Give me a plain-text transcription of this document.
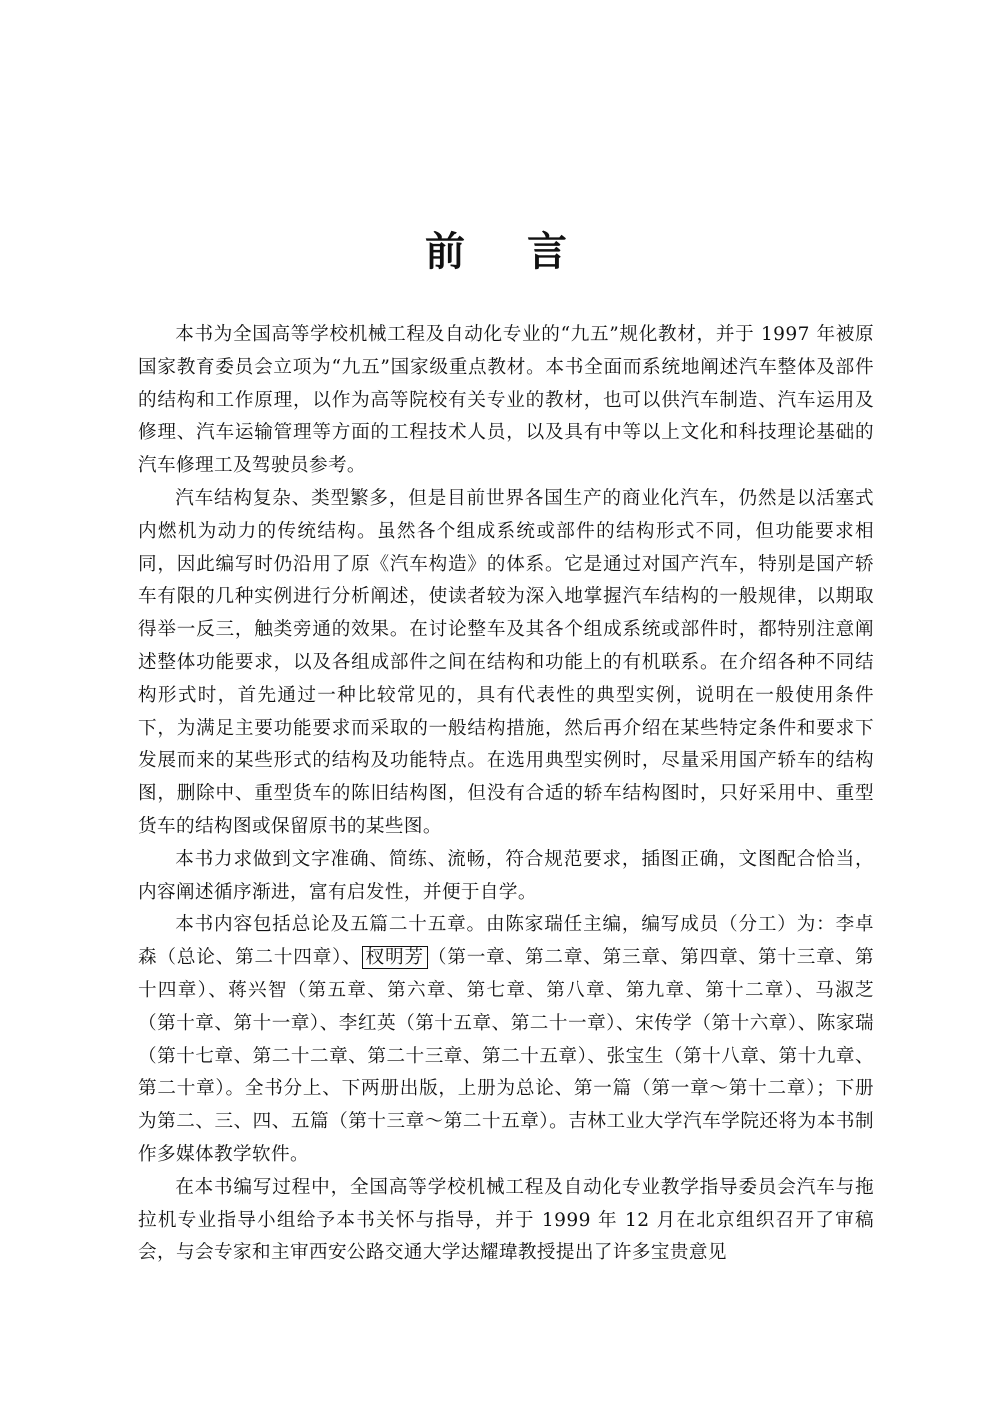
前 言

本书为全国高等学校机械工程及自动化专业的“九五”规化教材，并于 1997 年被原国家教育委员会立项为“九五”国家级重点教材。本书全面而系统地阐述汽车整体及部件的结构和工作原理，以作为高等院校有关专业的教材，也可以供汽车制造、汽车运用及修理、汽车运输管理等方面的工程技术人员，以及具有中等以上文化和科技理论基础的汽车修理工及驾驶员参考。

汽车结构复杂、类型繁多，但是目前世界各国生产的商业化汽车，仍然是以活塞式内燃机为动力的传统结构。虽然各个组成系统或部件的结构形式不同，但功能要求相同，因此编写时仍沿用了原《汽车构造》的体系。它是通过对国产汽车，特别是国产轿车有限的几种实例进行分析阐述，使读者较为深入地掌握汽车结构的一般规律，以期取得举一反三，触类旁通的效果。在讨论整车及其各个组成系统或部件时，都特别注意阐述整体功能要求，以及各组成部件之间在结构和功能上的有机联系。在介绍各种不同结构形式时，首先通过一种比较常见的，具有代表性的典型实例，说明在一般使用条件下，为满足主要功能要求而采取的一般结构措施，然后再介绍在某些特定条件和要求下发展而来的某些形式的结构及功能特点。在选用典型实例时，尽量采用国产轿车的结构图，删除中、重型货车的陈旧结构图，但没有合适的轿车结构图时，只好采用中、重型货车的结构图或保留原书的某些图。

本书力求做到文字准确、简练、流畅，符合规范要求，插图正确，文图配合恰当，内容阐述循序渐进，富有启发性，并便于自学。

本书内容包括总论及五篇二十五章。由陈家瑞任主编，编写成员（分工）为：李卓森（总论、第二十四章）、 杈明芳 （第一章、第二章、第三章、第四章、第十三章、第十四章）、蒋兴智（第五章、第六章、第七章、第八章、第九章、第十二章）、马淑芝（第十章、第十一章）、李红英（第十五章、第二十一章）、宋传学（第十六章）、陈家瑞（第十七章、第二十二章、第二十三章、第二十五章）、张宝生（第十八章、第十九章、第二十章）。全书分上、下两册出版，上册为总论、第一篇（第一章～第十二章）；下册为第二、三、四、五篇（第十三章～第二十五章）。吉林工业大学汽车学院还将为本书制作多媒体教学软件。

在本书编写过程中，全国高等学校机械工程及自动化专业教学指导委员会汽车与拖拉机专业指导小组给予本书关怀与指导，并于 1999 年 12 月在北京组织召开了审稿会，与会专家和主审西安公路交通大学达耀瑋教授提出了许多宝贵意见
